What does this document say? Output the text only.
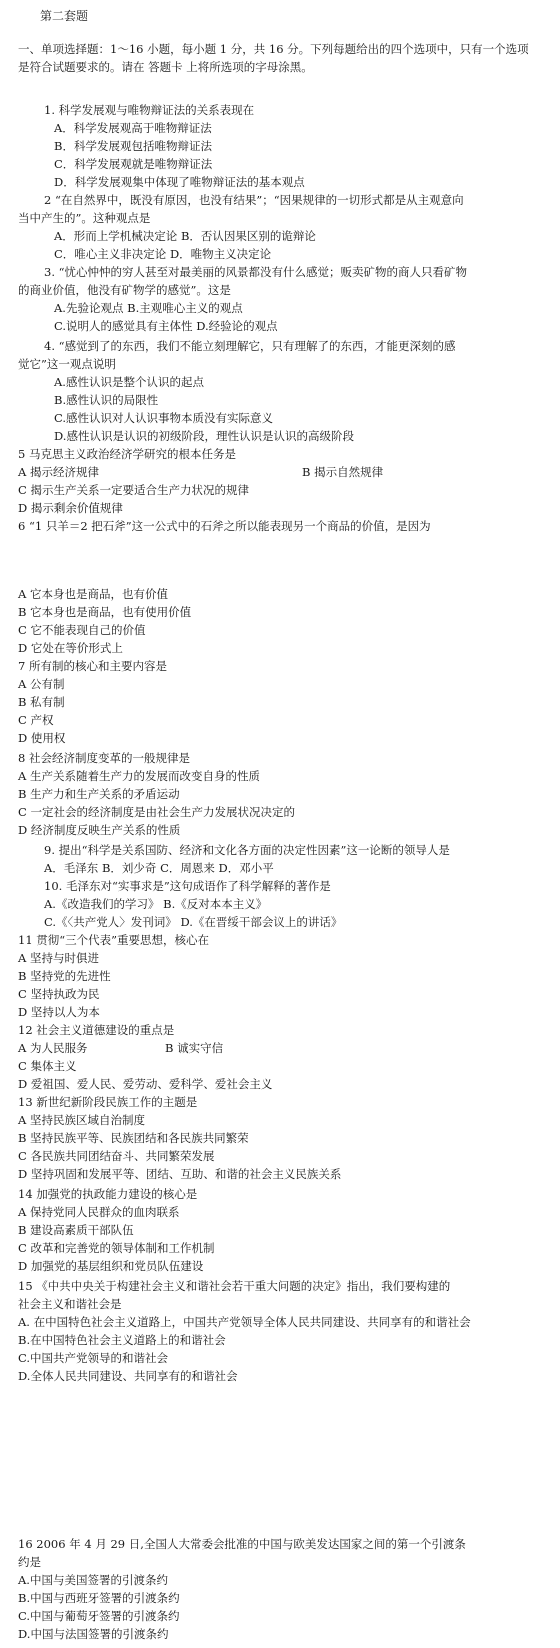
第二套题
一、单项选择题：1～16 小题，每小题 1 分，共 16 分。下列每题给出的四个选项中，只有一个选项是符合试题要求的。请在 答题卡 上将所选项的字母涂黑。
1. 科学发展观与唯物辩证法的关系表现在
A．科学发展观高于唯物辩证法
B．科学发展观包括唯物辩证法
C．科学发展观就是唯物辩证法
D．科学发展观集中体现了唯物辩证法的基本观点
2 “在自然界中，既没有原因，也没有结果”；“因果规律的一切形式都是从主观意向
当中产生的”。这种观点是
A．形而上学机械决定论 B．否认因果区别的诡辩论
C．唯心主义非决定论 D．唯物主义决定论
3. “忧心忡忡的穷人甚至对最美丽的风景都没有什么感觉；贩卖矿物的商人只看矿物
的商业价值，他没有矿物学的感觉”。这是
A.先验论观点 B.主观唯心主义的观点
C.说明人的感觉具有主体性 D.经验论的观点
4. “感觉到了的东西，我们不能立刻理解它，只有理解了的东西，才能更深刻的感
觉它”这一观点说明
A.感性认识是整个认识的起点
B.感性认识的局限性
C.感性认识对人认识事物本质没有实际意义
D.感性认识是认识的初级阶段，理性认识是认识的高级阶段
5 马克思主义政治经济学研究的根本任务是
A 揭示经济规律	B 揭示自然规律
C 揭示生产关系一定要适合生产力状况的规律
D 揭示剩余价值规律
6 “1 只羊＝2 把石斧”这一公式中的石斧之所以能表现另一个商品的价值，是因为
A 它本身也是商品，也有价值
B 它本身也是商品，也有使用价值
C 它不能表现自己的价值
D 它处在等价形式上
7 所有制的核心和主要内容是
A 公有制
B 私有制
C 产权
D 使用权
8 社会经济制度变革的一般规律是
A 生产关系随着生产力的发展而改变自身的性质
B 生产力和生产关系的矛盾运动
C 一定社会的经济制度是由社会生产力发展状况决定的
D 经济制度反映生产关系的性质
9. 提出“科学是关系国防、经济和文化各方面的决定性因素”这一论断的领导人是
A．毛泽东 B．刘少奇 C．周恩来 D．邓小平
10. 毛泽东对“实事求是”这句成语作了科学解释的著作是
A.《改造我们的学习》 B.《反对本本主义》
C.《〈共产党人〉发刊词》 D.《在晋绥干部会议上的讲话》
11 贯彻“三个代表”重要思想，核心在
A 坚持与时俱进
B 坚持党的先进性
C 坚持执政为民
D 坚持以人为本
12 社会主义道德建设的重点是
A 为人民服务	B 诚实守信
C 集体主义
D 爱祖国、爱人民、爱劳动、爱科学、爱社会主义
13 新世纪新阶段民族工作的主题是
A 坚持民族区域自治制度
B 坚持民族平等、民族团结和各民族共同繁荣
C 各民族共同团结奋斗、共同繁荣发展
D 坚持巩固和发展平等、团结、互助、和谐的社会主义民族关系
14 加强党的执政能力建设的核心是
A 保持党同人民群众的血肉联系
B 建设高素质干部队伍
C 改革和完善党的领导体制和工作机制
D 加强党的基层组织和党员队伍建设
15 《中共中央关于构建社会主义和谐社会若干重大问题的决定》指出，我们要构建的
社会主义和谐社会是
A. 在中国特色社会主义道路上，中国共产党领导全体人民共同建设、共同享有的和谐社会
B.在中国特色社会主义道路上的和谐社会
C.中国共产党领导的和谐社会
D.全体人民共同建设、共同享有的和谐社会
16 2006 年 4 月 29 日,全国人大常委会批准的中国与欧美发达国家之间的第一个引渡条
约是
A.中国与美国签署的引渡条约
B.中国与西班牙签署的引渡条约
C.中国与葡萄牙签署的引渡条约
D.中国与法国签署的引渡条约
